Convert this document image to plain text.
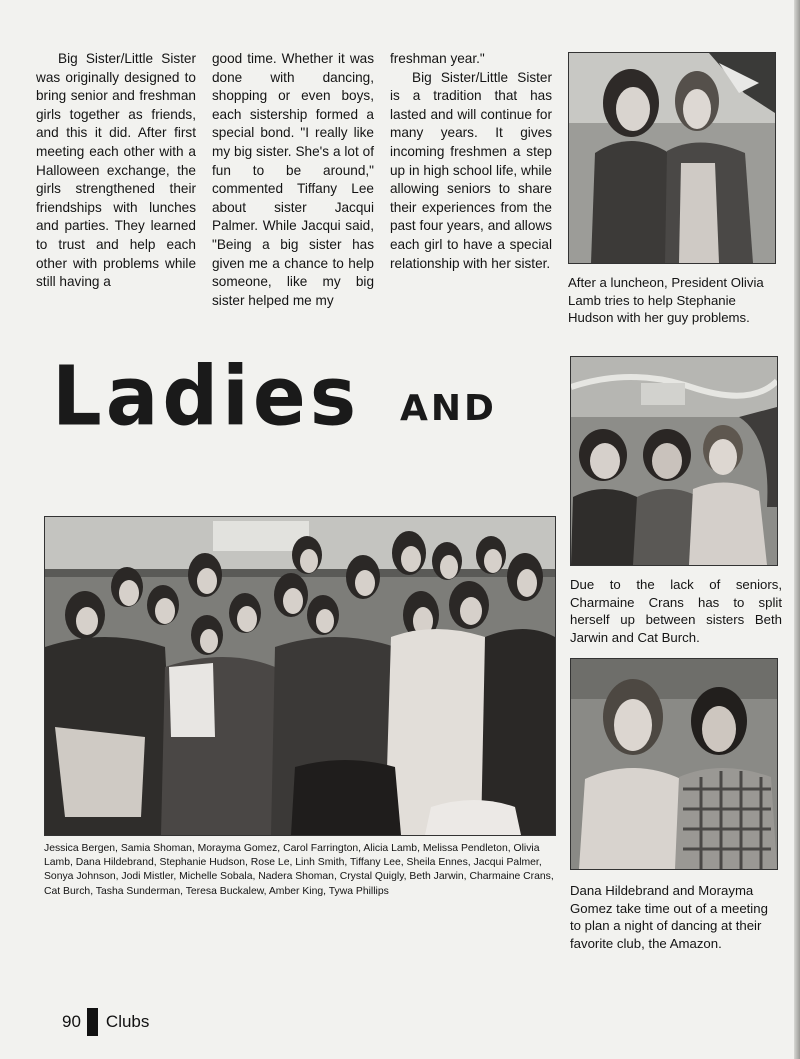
Big Sister/Little Sister was originally designed to bring senior and freshman girls together as friends, and this it did. After first meeting each other with a Halloween exchange, the girls strengthened their friendships with lunches and parties. They learned to trust and help each other with problems while still having a

good time. Whether it was done with dancing, shopping or even boys, each sistership formed a special bond. "I really like my big sister. She's a lot of fun to be around," commented Tiffany Lee about sister Jacqui Palmer. While Jacqui said, "Being a big sister has given me a chance to help someone, like my big sister helped me my

freshman year."

Big Sister/Little Sister is a tradition that has lasted and will continue for many years. It gives incoming freshmen a step up in high school life, while allowing seniors to share their experiences from the past four years, and allows each girl to have a special relationship with her sister.

After a luncheon, President Olivia Lamb tries to help Stephanie Hudson with her guy problems.
Ladies AND
Jessica Bergen, Samia Shoman, Morayma Gomez, Carol Farrington, Alicia Lamb, Melissa Pendleton, Olivia Lamb, Dana Hildebrand, Stephanie Hudson, Rose Le, Linh Smith, Tiffany Lee, Sheila Ennes, Jacqui Palmer, Sonya Johnson, Jodi Mistler, Michelle Sobala, Nadera Shoman, Crystal Quigly, Beth Jarwin, Charmaine Crans, Cat Burch, Tasha Sunderman, Teresa Buckalew, Amber King, Tywa Phillips
Due to the lack of seniors, Charmaine Crans has to split herself up between sisters Beth Jarwin and Cat Burch.
Dana Hildebrand and Morayma Gomez take time out of a meeting to plan a night of dancing at their favorite club, the Amazon.
90 Clubs
